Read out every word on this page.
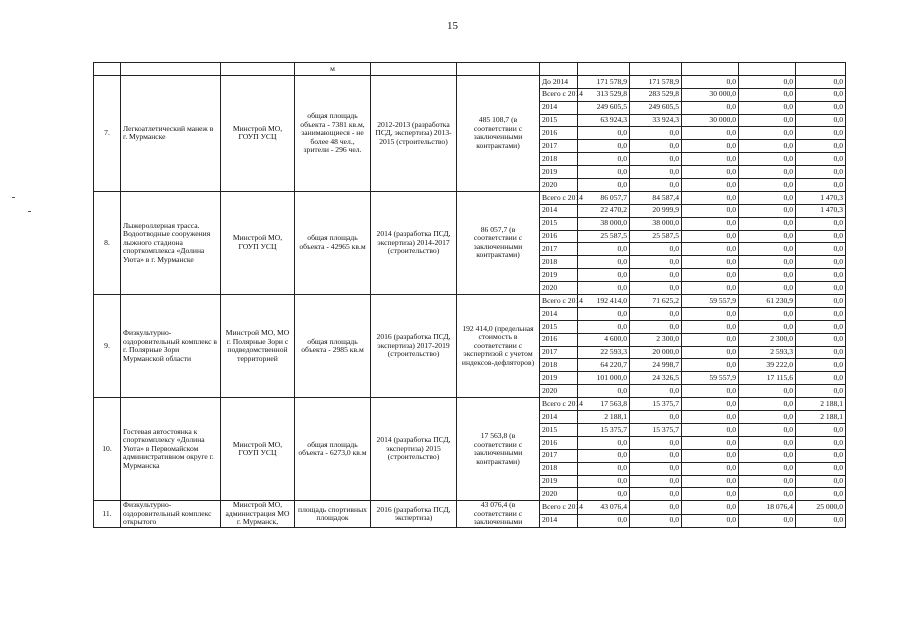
15
			м								
7.	Легкоатлетический манеж в г. Мурманске	Минстрой МО, ГОУП УСЦ	общая площадь объекта - 7381 кв.м, занимающиеся - не более 48 чел., зрители - 296 чел.	2012-2013 (разработка ПСД, экспертиза) 2013-2015 (строительство)	485 108,7 (в соответствии с заключенными контрактами)	До 2014	171 578,9	171 578,9	0,0	0,0	0,0
						Всего с 2014	313 529,8	283 529,8	30 000,0	0,0	0,0
						2014	249 605,5	249 605,5	0,0	0,0	0,0
						2015	63 924,3	33 924,3	30 000,0	0,0	0,0
						2016	0,0	0,0	0,0	0,0	0,0
						2017	0,0	0,0	0,0	0,0	0,0
						2018	0,0	0,0	0,0	0,0	0,0
						2019	0,0	0,0	0,0	0,0	0,0
						2020	0,0	0,0	0,0	0,0	0,0
8.	Лыжероллерная трасса. Водоотводные сооружения лыжного стадиона спорткомплекса «Долина Уюта» в г. Мурманске	Минстрой МО, ГОУП УСЦ	общая площадь объекта - 42965 кв.м	2014 (разработка ПСД, экспертиза) 2014-2017 (строительство)	86 057,7 (в соответствии с заключенными контрактами)	Всего с 2014	86 057,7	84 587,4	0,0	0,0	1 470,3
						2014	22 470,2	20 999,9	0,0	0,0	1 470,3
						2015	38 000,0	38 000,0	0,0	0,0	0,0
						2016	25 587,5	25 587,5	0,0	0,0	0,0
						2017	0,0	0,0	0,0	0,0	0,0
						2018	0,0	0,0	0,0	0,0	0,0
						2019	0,0	0,0	0,0	0,0	0,0
						2020	0,0	0,0	0,0	0,0	0,0
9.	Физкультурно-оздоровительный комплекс в г. Полярные Зори Мурманской области	Минстрой МО, МО г. Полярные Зори с подведомственной территорией	общая площадь объекта - 2985 кв.м	2016 (разработка ПСД, экспертиза) 2017-2019 (строительство)	192 414,0 (предельная стоимость в соответствии с экспертизой с учетом индексов-дефляторов)	Всего с 2014	192 414,0	71 625,2	59 557,9	61 230,9	0,0
						2014	0,0	0,0	0,0	0,0	0,0
						2015	0,0	0,0	0,0	0,0	0,0
						2016	4 600,0	2 300,0	0,0	2 300,0	0,0
						2017	22 593,3	20 000,0	0,0	2 593,3	0,0
						2018	64 220,7	24 998,7	0,0	39 222,0	0,0
						2019	101 000,0	24 326,5	59 557,9	17 115,6	0,0
						2020	0,0	0,0	0,0	0,0	0,0
10.	Гостевая автостоянка к спорткомплексу «Долина Уюта» в Первомайском административном округе г. Мурманска	Минстрой МО, ГОУП УСЦ	общая площадь объекта - 6273,0 кв.м	2014 (разработка ПСД, экспертиза) 2015 (строительство)	17 563,8 (в соответствии с заключенными контрактами)	Всего с 2014	17 563,8	15 375,7	0,0	0,0	2 188,1
						2014	2 188,1	0,0	0,0	0,0	2 188,1
						2015	15 375,7	15 375,7	0,0	0,0	0,0
						2016	0,0	0,0	0,0	0,0	0,0
						2017	0,0	0,0	0,0	0,0	0,0
						2018	0,0	0,0	0,0	0,0	0,0
						2019	0,0	0,0	0,0	0,0	0,0
						2020	0,0	0,0	0,0	0,0	0,0
11.	Физкультурно-оздоровительный комплекс открытого	Минстрой МО, администрация МО г. Мурманск,	площадь спортивных площадок	2016 (разработка ПСД, экспертиза)	43 076,4 (в соответствии с заключенными	Всего с 2014	43 076,4	0,0	0,0	18 076,4	25 000,0
						2014	0,0	0,0	0,0	0,0	0,0
